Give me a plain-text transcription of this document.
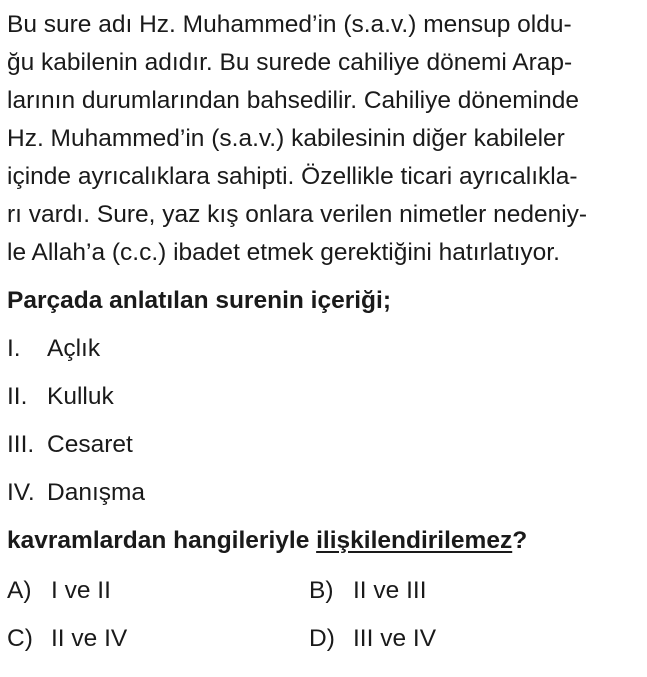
Bu sure adı Hz. Muhammed’in (s.a.v.) mensup oldu-
ğu kabilenin adıdır. Bu surede cahiliye dönemi Arap-
larının durumlarından bahsedilir. Cahiliye döneminde
Hz. Muhammed’in (s.a.v.) kabilesinin diğer kabileler
içinde ayrıcalıklara sahipti. Özellikle ticari ayrıcalıkla-
rı vardı. Sure, yaz kış onlara verilen nimetler nedeniy-
le Allah’a (c.c.) ibadet etmek gerektiğini hatırlatıyor.
Parçada anlatılan surenin içeriği;
I. Açlık
II. Kulluk
III. Cesaret
IV. Danışma
kavramlardan hangileriyle ilişkilendirilemez?
A) I ve II	B) II ve III
C) II ve IV	D) III ve IV
